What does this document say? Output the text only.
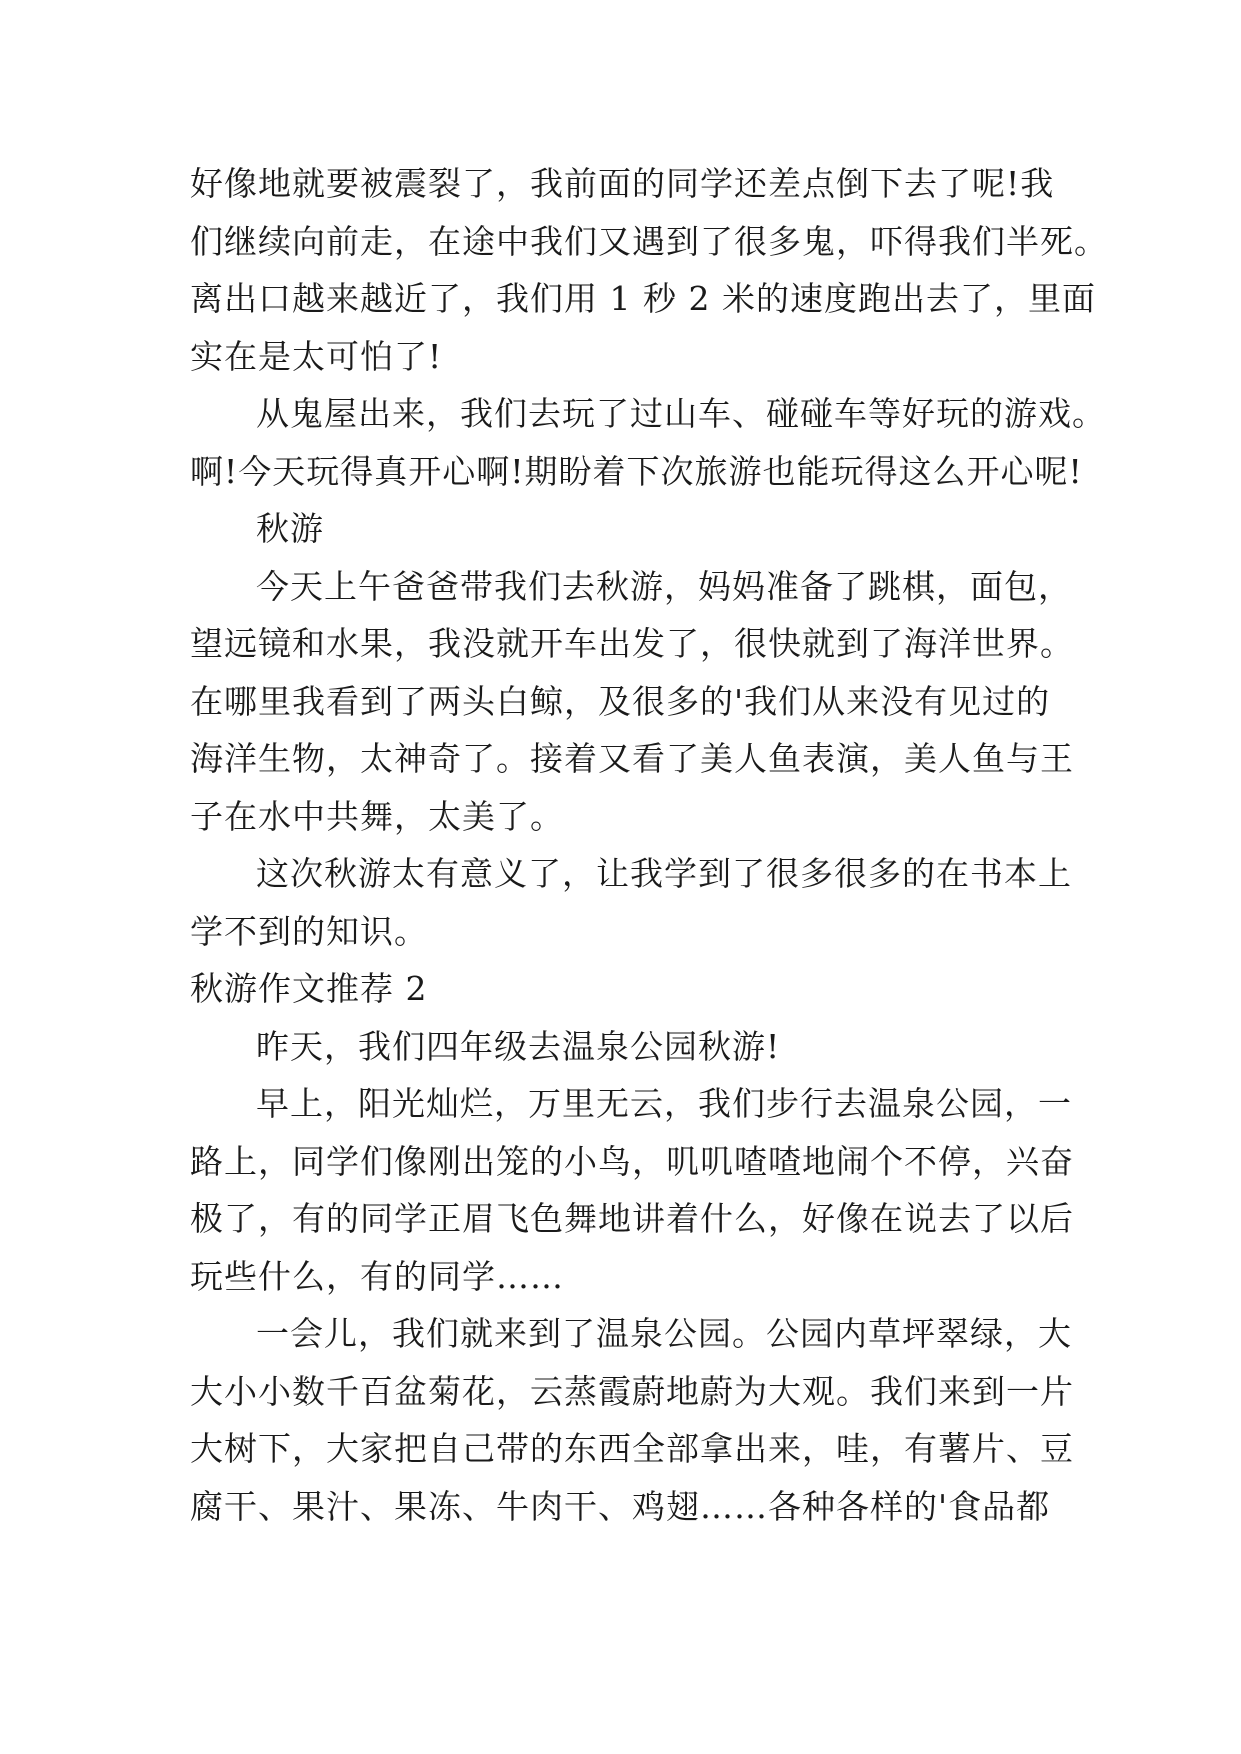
好像地就要被震裂了，我前面的同学还差点倒下去了呢!我
们继续向前走，在途中我们又遇到了很多鬼，吓得我们半死。
离出口越来越近了，我们用 1 秒 2 米的速度跑出去了，里面
实在是太可怕了!
从鬼屋出来，我们去玩了过山车、碰碰车等好玩的游戏。
啊!今天玩得真开心啊!期盼着下次旅游也能玩得这么开心呢!
秋游
今天上午爸爸带我们去秋游，妈妈准备了跳棋，面包，
望远镜和水果，我没就开车出发了，很快就到了海洋世界。
在哪里我看到了两头白鲸，及很多的'我们从来没有见过的
海洋生物，太神奇了。接着又看了美人鱼表演，美人鱼与王
子在水中共舞，太美了。
这次秋游太有意义了，让我学到了很多很多的在书本上
学不到的知识。
秋游作文推荐 2
昨天，我们四年级去温泉公园秋游!
早上，阳光灿烂，万里无云，我们步行去温泉公园，一
路上，同学们像刚出笼的小鸟，叽叽喳喳地闹个不停，兴奋
极了，有的同学正眉飞色舞地讲着什么，好像在说去了以后
玩些什么，有的同学……
一会儿，我们就来到了温泉公园。公园内草坪翠绿，大
大小小数千百盆菊花，云蒸霞蔚地蔚为大观。我们来到一片
大树下，大家把自己带的东西全部拿出来，哇，有薯片、豆
腐干、果汁、果冻、牛肉干、鸡翅……各种各样的'食品都
